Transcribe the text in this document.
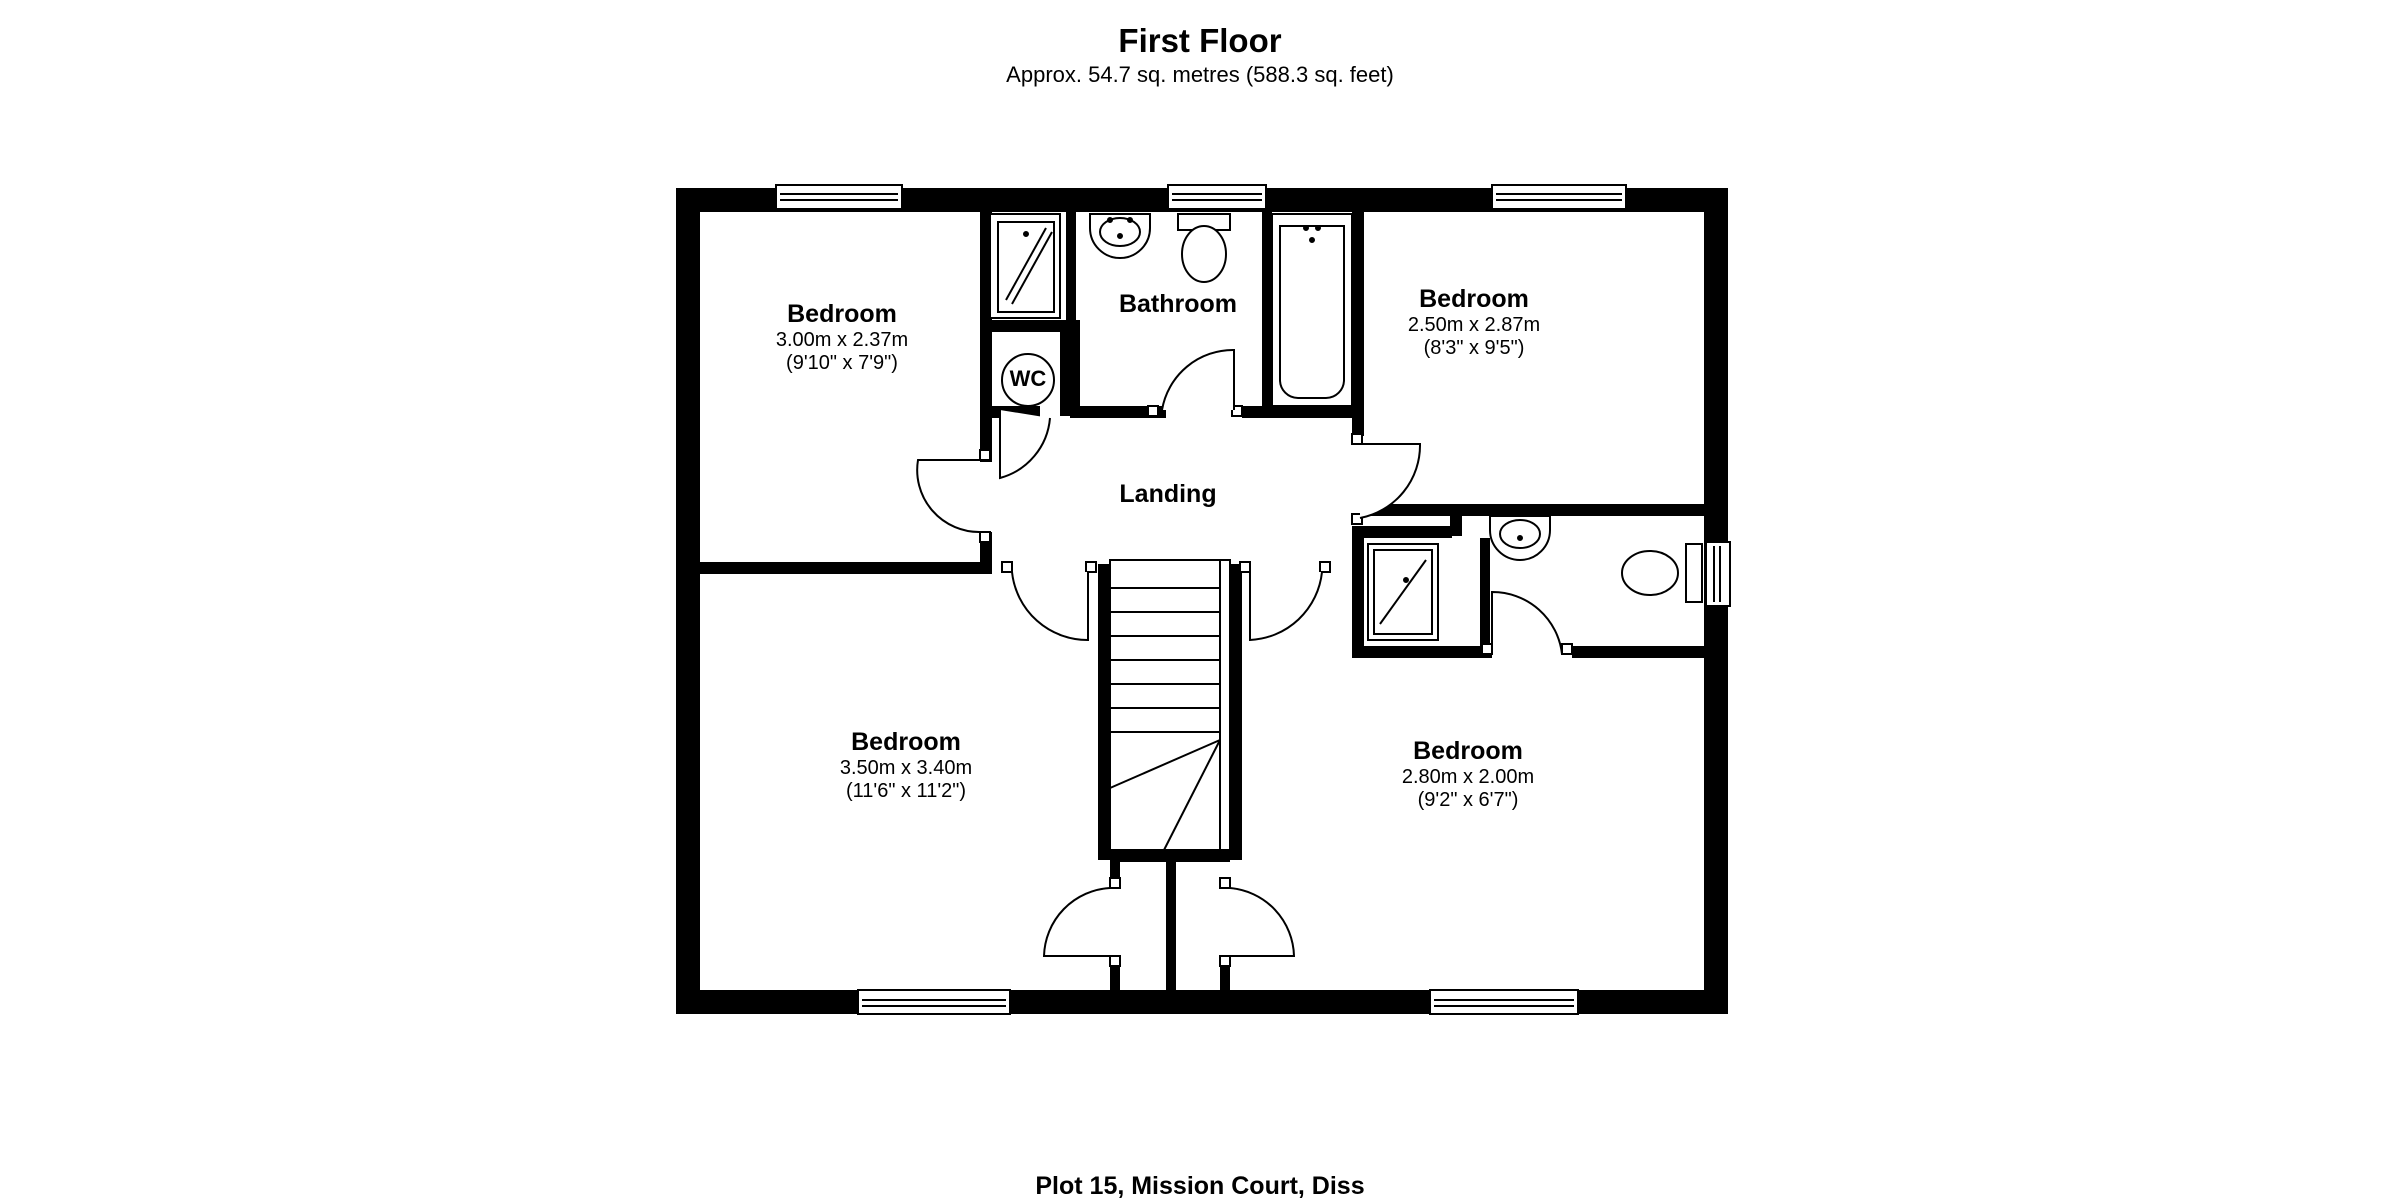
First Floor
Approx. 54.7 sq. metres (588.3 sq. feet)
Bedroom
3.00m x 2.37m
(9'10" x 7'9")
Bathroom
WC
Bedroom
2.50m x 2.87m
(8'3" x 9'5")
Landing
Bedroom
3.50m x 3.40m
(11'6" x 11'2")
Bedroom
2.80m x 2.00m
(9'2" x 6'7")
Plot 15, Mission Court, Diss
